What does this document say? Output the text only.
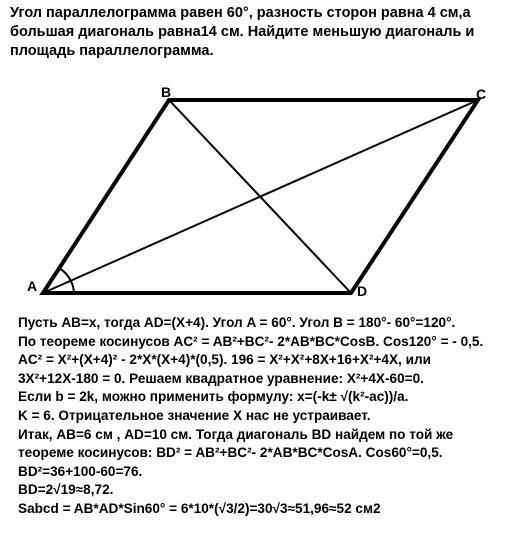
Угол параллелограмма равен 60°, разность сторон равна 4 см,а

большая диагональ равна14 см. Найдите меньшую диагональ и

площадь параллелограмма.

A
B	C
D

Пусть AB=x, тогда AD=(X+4). Угол A = 60°. Угол B = 180°- 60°=120°.

По теореме косинусов AC² = AB²+BC²- 2*AB*BC*CosB. Cos120° = - 0,5.

AC² = X²+(X+4)² - 2*X*(X+4)*(0,5). 196 = X²+X²+8X+16+X²+4X, или

3X²+12X-180 = 0. Решаем квадратное уравнение: X²+4X-60=0.

Если b = 2k, можно применить формулу: x=(-k± √(k²-ac))/a.

K = 6. Отрицательное значение X нас не устраивает.

Итак, AB=6 см , AD=10 см. Тогда диагональ BD найдем по той же

теореме косинусов: BD² = AB²+BC²- 2*AB*BC*CosA. Cos60°=0,5.

BD²=36+100-60=76.

BD=2√19≈8,72.

Sabcd = AB*AD*Sin60° = 6*10*(√3/2)=30√3≈51,96≈52 см2
